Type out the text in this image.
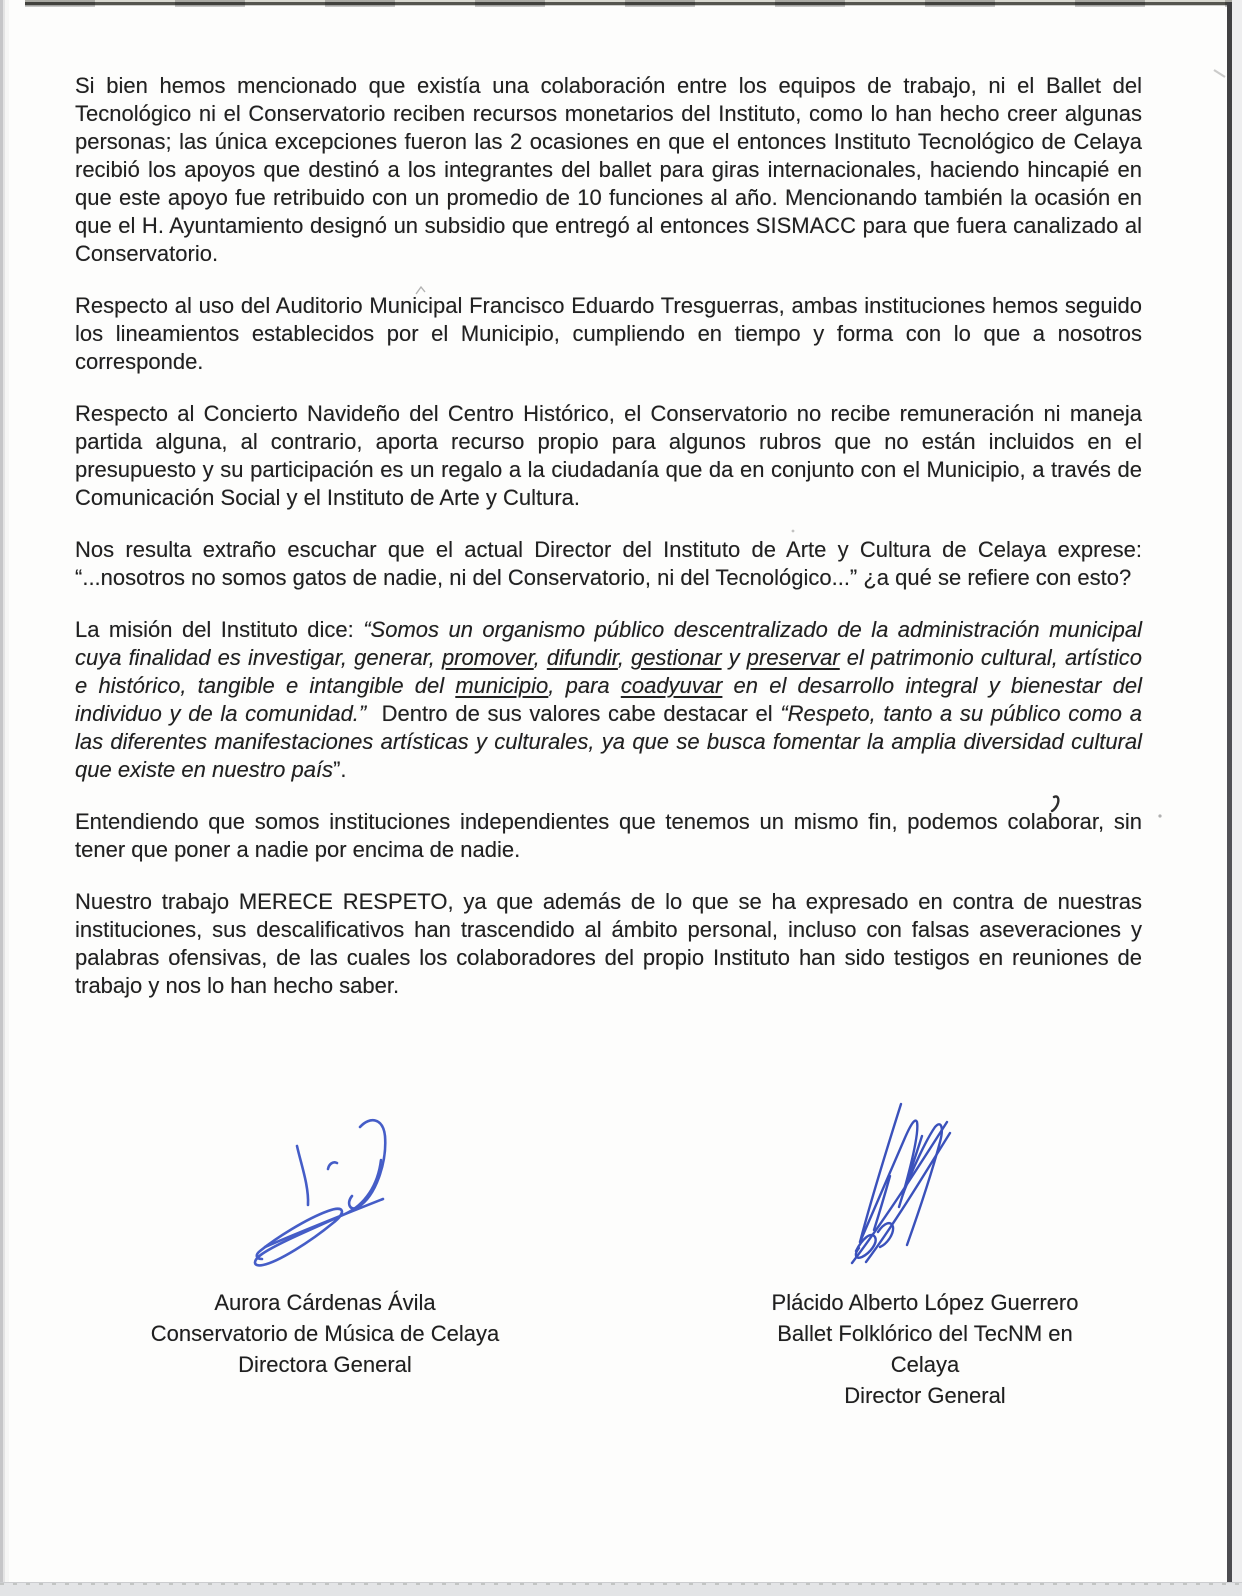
Si bien hemos mencionado que existía una colaboración entre los equipos de trabajo, ni el Ballet del Tecnológico ni el Conservatorio reciben recursos monetarios del Instituto, como lo han hecho creer algunas personas; las única excepciones fueron las 2 ocasiones en que el entonces Instituto Tecnológico de Celaya recibió los apoyos que destinó a los integrantes del ballet para giras internacionales, haciendo hincapié en que este apoyo fue retribuido con un promedio de 10 funciones al año. Mencionando también la ocasión en que el H. Ayuntamiento designó un subsidio que entregó al entonces SISMACC para que fuera canalizado al Conservatorio.

Respecto al uso del Auditorio Municipal Francisco Eduardo Tresguerras, ambas instituciones hemos seguido los lineamientos establecidos por el Municipio, cumpliendo en tiempo y forma con lo que a nosotros corresponde.

Respecto al Concierto Navideño del Centro Histórico, el Conservatorio no recibe remuneración ni maneja partida alguna, al contrario, aporta recurso propio para algunos rubros que no están incluidos en el presupuesto y su participación es un regalo a la ciudadanía que da en conjunto con el Municipio, a través de Comunicación Social y el Instituto de Arte y Cultura.

Nos resulta extraño escuchar que el actual Director del Instituto de Arte y Cultura de Celaya exprese: “...nosotros no somos gatos de nadie, ni del Conservatorio, ni del Tecnológico...” ¿a qué se refiere con esto?

La misión del Instituto dice: “Somos un organismo público descentralizado de la administración municipal cuya finalidad es investigar, generar, promover, difundir, gestionar y preservar el patrimonio cultural, artístico e histórico, tangible e intangible del municipio, para coadyuvar en el desarrollo integral y bienestar del individuo y de la comunidad.”  Dentro de sus valores cabe destacar el “Respeto, tanto a su público como a las diferentes manifestaciones artísticas y culturales, ya que se busca fomentar la amplia diversidad cultural que existe en nuestro país”.

Entendiendo que somos instituciones independientes que tenemos un mismo fin, podemos colaborar, sin tener que poner a nadie por encima de nadie.

Nuestro trabajo MERECE RESPETO, ya que además de lo que se ha expresado en contra de nuestras instituciones, sus descalificativos han trascendido al ámbito personal, incluso con falsas aseveraciones y palabras ofensivas, de las cuales los colaboradores del propio Instituto han sido testigos en reuniones de trabajo y nos lo han hecho saber.

Aurora Cárdenas Ávila
Conservatorio de Música de Celaya
Directora General
Plácido Alberto López Guerrero
Ballet Folklórico del TecNM en Celaya
Director General
